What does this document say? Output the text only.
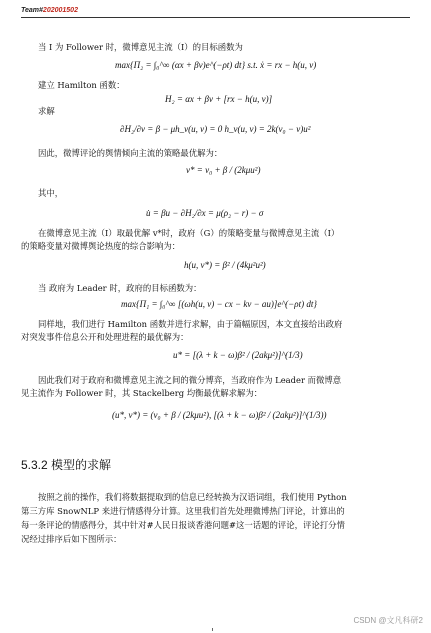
Team#202001502
当 I 为 Follower 时，微博意见主流（I）的目标函数为
max{Π₂ = ∫₀^∞ (αx + βv)e^(−ρt) dt} s.t. ẋ = rx − h(u, v)
建立 Hamilton 函数：
H₂ = αx + βv + [rx − h(u, v)]
求解
∂H₂/∂v = β − μh_v(u, v) = 0 h_v(u, v) = 2k(v₀ − v)u²
因此，微博评论的舆情倾向主流的策略最优解为：
v* = v₀ + β / (2kμu²)
其中，
u̇ = βu − ∂H₂/∂x = μ(ρ₂ − r) − σ
在微博意见主流（I）取最优解 v*时，政府（G）的策略变量与微博意见主流（I）
的策略变量对微博舆论热度的综合影响为：
h(u, v*) = β² / (4kμ²u²)
当 政府为 Leader 时，政府的目标函数为：
max{Π₁ = ∫₀^∞ [(ωh(u, v) − cx − kv − au)]e^(−ρt) dt}
同样地，我们进行 Hamilton 函数并进行求解，由于篇幅原因，本文直接给出政府
对突发事件信息公开和处理进程的最优解为：
u* = [(λ + k − ω)β² / (2akμ²)]^(1/3)
因此我们对于政府和微博意见主流之间的微分博弈，当政府作为 Leader 而微博意
见主流作为 Follower 时，其 Stackelberg 均衡最优解求解为：
(u*, v*) = (v₀ + β / (2kμu²), [(λ + k − ω)β² / (2akμ²)]^(1/3))
5.3.2 模型的求解
按照之前的操作，我们将数据提取到的信息已经转换为汉语词组，我们使用 Python
第三方库 SnowNLP 来进行情感得分计算。这里我们首先处理微博热门评论，计算出的
每一条评论的情感得分，其中针对#人民日报谈香港问题#这一话题的评论，评论打分情
况经过排序后如下图所示：
CSDN @文凡科研2
